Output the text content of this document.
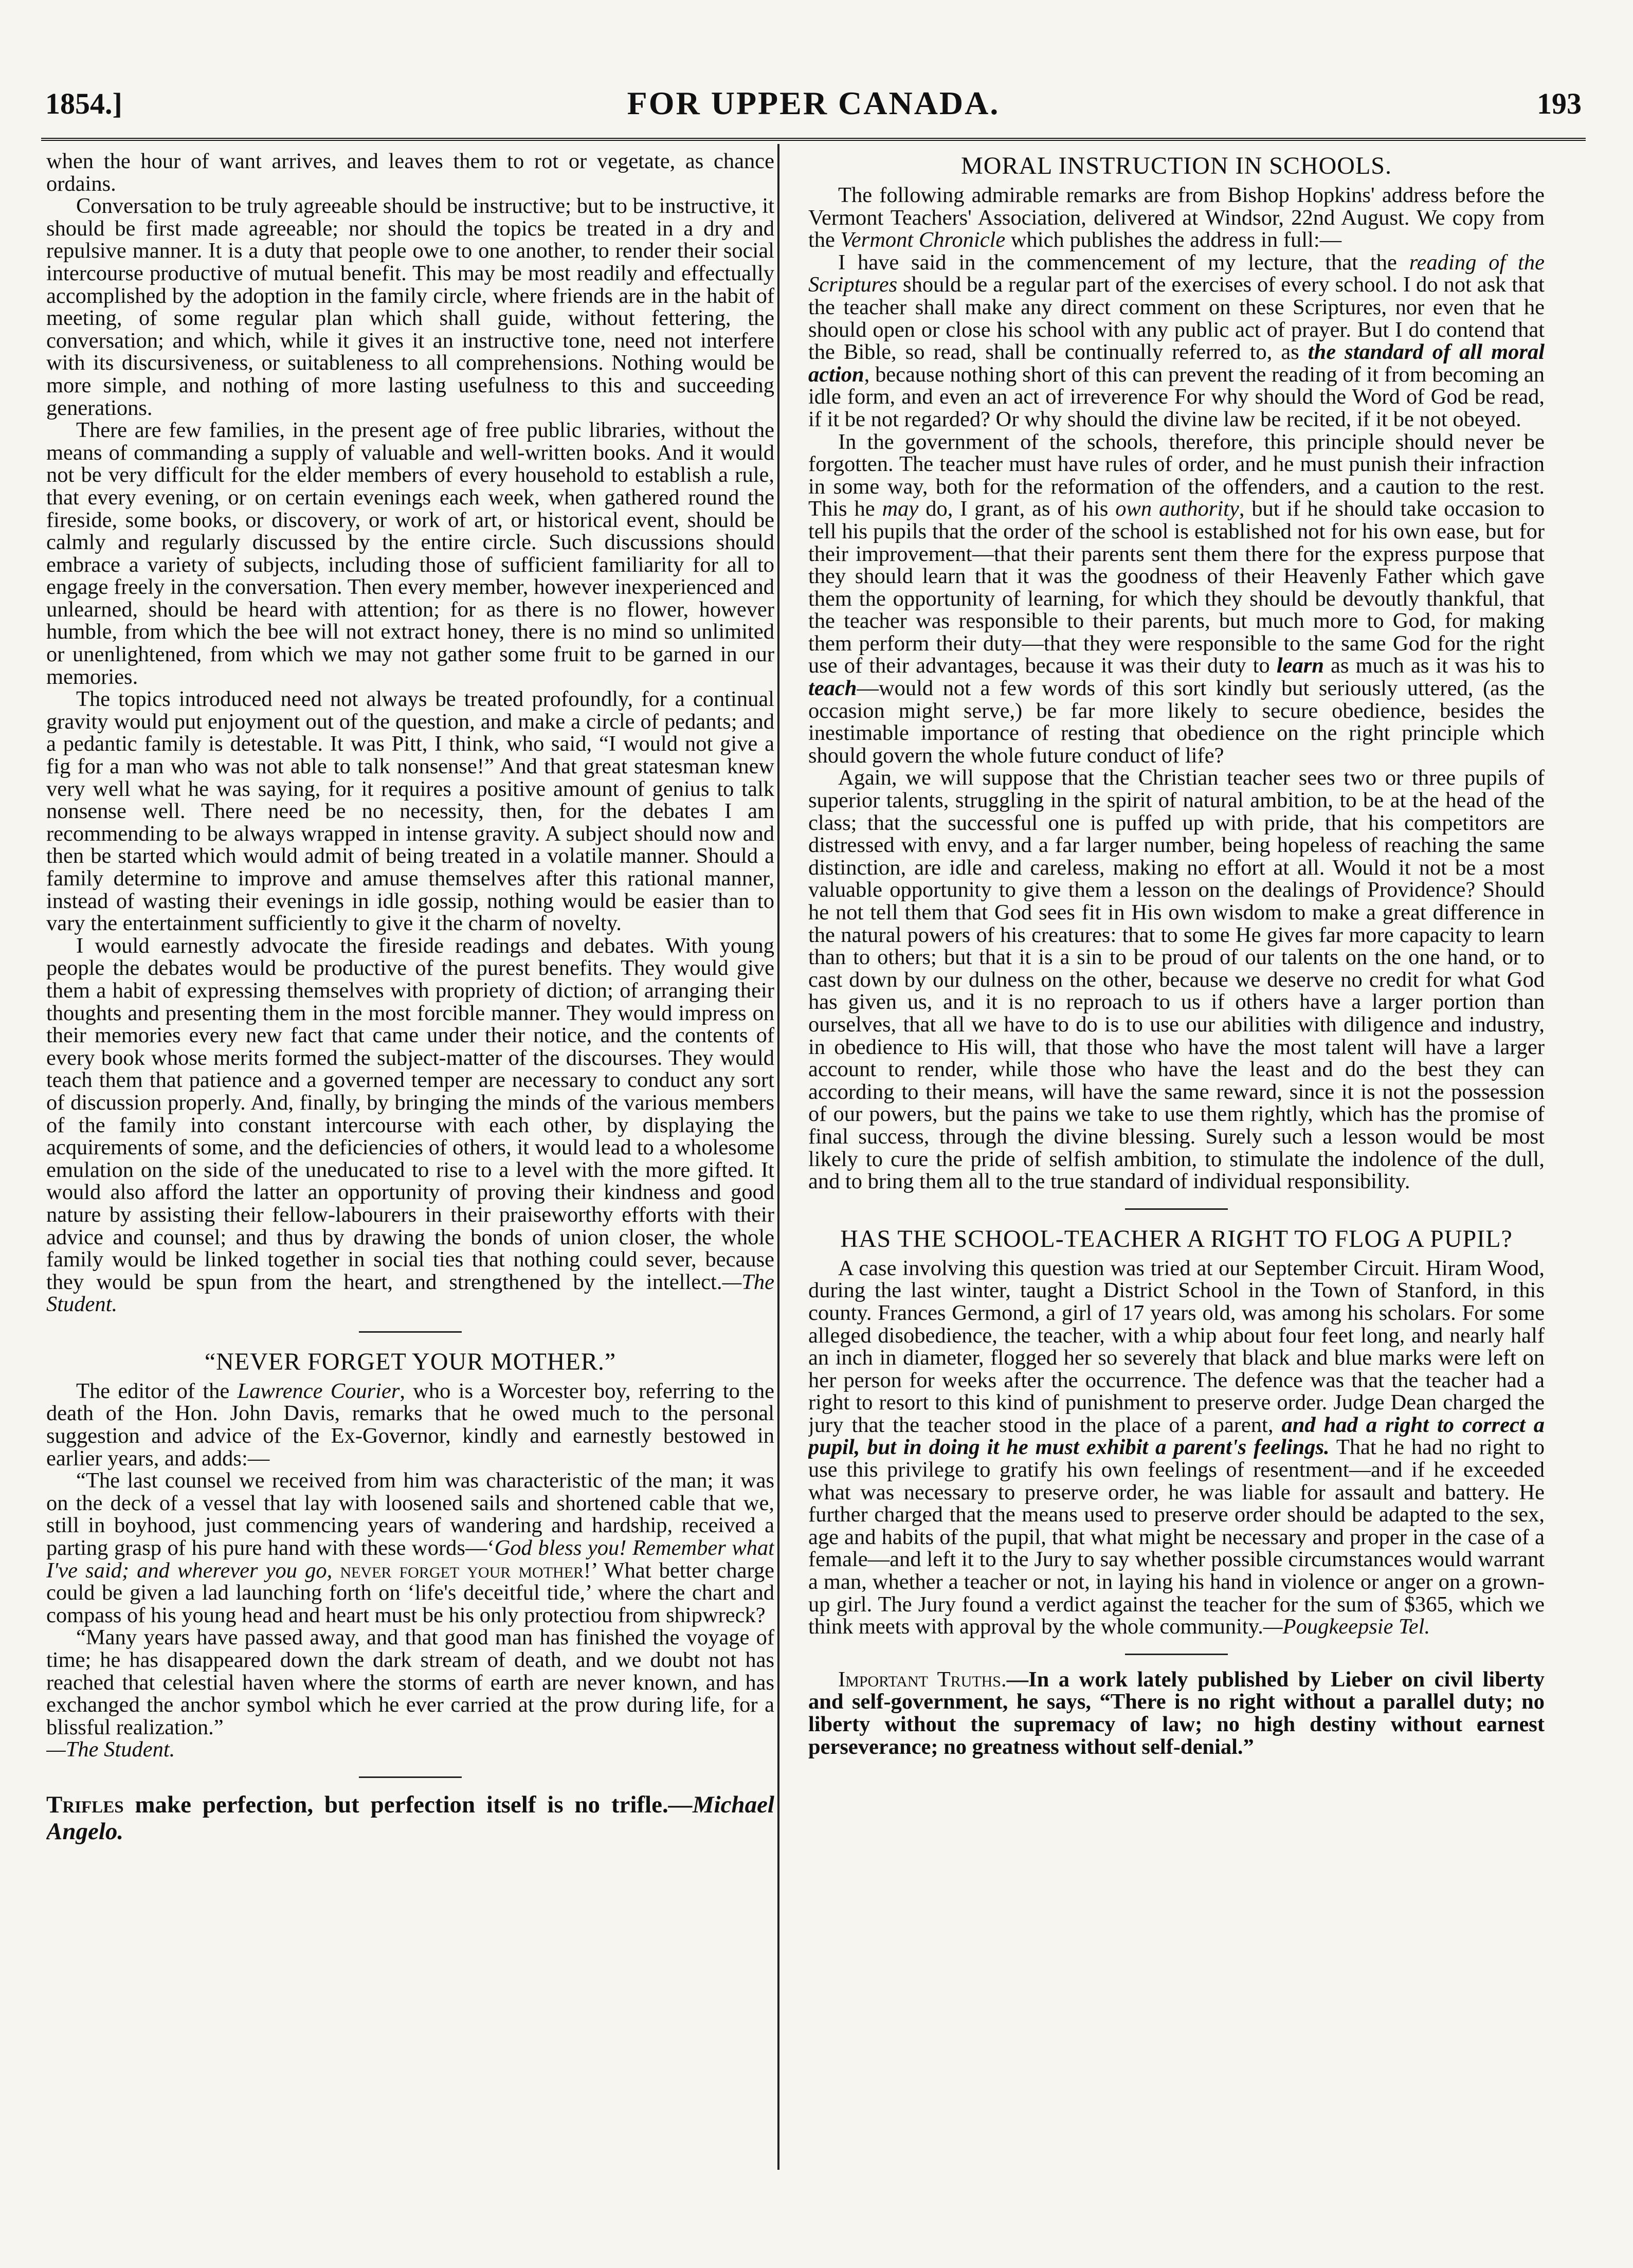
1854.]	FOR UPPER CANADA.	193

when the hour of want arrives, and leaves them to rot or vegetate, as chance ordains.

Conversation to be truly agreeable should be instructive; but to be instructive, it should be first made agreeable; nor should the topics be treated in a dry and repulsive manner. It is a duty that people owe to one another, to render their social intercourse productive of mutual benefit. This may be most readily and effectually accomplished by the adoption in the family circle, where friends are in the habit of meeting, of some regular plan which shall guide, without fettering, the conversation; and which, while it gives it an instructive tone, need not interfere with its discursiveness, or suitableness to all comprehensions. Nothing would be more simple, and nothing of more lasting usefulness to this and succeeding generations.

There are few families, in the present age of free public libraries, without the means of commanding a supply of valuable and well-written books. And it would not be very difficult for the elder members of every household to establish a rule, that every evening, or on certain evenings each week, when gathered round the fireside, some books, or discovery, or work of art, or historical event, should be calmly and regularly discussed by the entire circle. Such discussions should embrace a variety of subjects, including those of sufficient familiarity for all to engage freely in the conversation. Then every member, however inexperienced and unlearned, should be heard with attention; for as there is no flower, however humble, from which the bee will not extract honey, there is no mind so unlimited or unenlightened, from which we may not gather some fruit to be garned in our memories.

The topics introduced need not always be treated profoundly, for a continual gravity would put enjoyment out of the question, and make a circle of pedants; and a pedantic family is detestable. It was Pitt, I think, who said, “I would not give a fig for a man who was not able to talk nonsense!” And that great statesman knew very well what he was saying, for it requires a positive amount of genius to talk nonsense well. There need be no necessity, then, for the debates I am recommending to be always wrapped in intense gravity. A subject should now and then be started which would admit of being treated in a volatile manner. Should a family determine to improve and amuse themselves after this rational manner, instead of wasting their evenings in idle gossip, nothing would be easier than to vary the entertainment sufficiently to give it the charm of novelty.

I would earnestly advocate the fireside readings and debates. With young people the debates would be productive of the purest benefits. They would give them a habit of expressing themselves with propriety of diction; of arranging their thoughts and presenting them in the most forcible manner. They would impress on their memories every new fact that came under their notice, and the contents of every book whose merits formed the subject-matter of the discourses. They would teach them that patience and a governed temper are necessary to conduct any sort of discussion properly. And, finally, by bringing the minds of the various members of the family into constant intercourse with each other, by displaying the acquirements of some, and the deficiencies of others, it would lead to a wholesome emulation on the side of the uneducated to rise to a level with the more gifted. It would also afford the latter an opportunity of proving their kindness and good nature by assisting their fellow-labourers in their praiseworthy efforts with their advice and counsel; and thus by drawing the bonds of union closer, the whole family would be linked together in social ties that nothing could sever, because they would be spun from the heart, and strengthened by the intellect.—The Student.

“NEVER FORGET YOUR MOTHER.”

The editor of the Lawrence Courier, who is a Worcester boy, referring to the death of the Hon. John Davis, remarks that he owed much to the personal suggestion and advice of the Ex-Governor, kindly and earnestly bestowed in earlier years, and adds:—

“The last counsel we received from him was characteristic of the man; it was on the deck of a vessel that lay with loosened sails and shortened cable that we, still in boyhood, just commencing years of wandering and hardship, received a parting grasp of his pure hand with these words—‘God bless you! Remember what I've said; and wherever you go, never forget your mother!’ What better charge could be given a lad launching forth on ‘life's deceitful tide,’ where the chart and compass of his young head and heart must be his only protectiou from shipwreck?

“Many years have passed away, and that good man has finished the voyage of time; he has disappeared down the dark stream of death, and we doubt not has reached that celestial haven where the storms of earth are never known, and has exchanged the anchor symbol which he ever carried at the prow during life, for a blissful realization.”

—The Student.

Trifles make perfection, but perfection itself is no trifle.—Michael Angelo.

MORAL INSTRUCTION IN SCHOOLS.

The following admirable remarks are from Bishop Hopkins' address before the Vermont Teachers' Association, delivered at Windsor, 22nd August. We copy from the Vermont Chronicle which publishes the address in full:—

I have said in the commencement of my lecture, that the reading of the Scriptures should be a regular part of the exercises of every school. I do not ask that the teacher shall make any direct comment on these Scriptures, nor even that he should open or close his school with any public act of prayer. But I do contend that the Bible, so read, shall be continually referred to, as the standard of all moral action, because nothing short of this can prevent the reading of it from becoming an idle form, and even an act of irreverence For why should the Word of God be read, if it be not regarded? Or why should the divine law be recited, if it be not obeyed.

In the government of the schools, therefore, this principle should never be forgotten. The teacher must have rules of order, and he must punish their infraction in some way, both for the reformation of the offenders, and a caution to the rest. This he may do, I grant, as of his own authority, but if he should take occasion to tell his pupils that the order of the school is established not for his own ease, but for their improvement—that their parents sent them there for the express purpose that they should learn that it was the goodness of their Heavenly Father which gave them the opportunity of learning, for which they should be devoutly thankful, that the teacher was responsible to their parents, but much more to God, for making them perform their duty—that they were responsible to the same God for the right use of their advantages, because it was their duty to learn as much as it was his to teach—would not a few words of this sort kindly but seriously uttered, (as the occasion might serve,) be far more likely to secure obedience, besides the inestimable importance of resting that obedience on the right principle which should govern the whole future conduct of life?

Again, we will suppose that the Christian teacher sees two or three pupils of superior talents, struggling in the spirit of natural ambition, to be at the head of the class; that the successful one is puffed up with pride, that his competitors are distressed with envy, and a far larger number, being hopeless of reaching the same distinction, are idle and careless, making no effort at all. Would it not be a most valuable opportunity to give them a lesson on the dealings of Providence? Should he not tell them that God sees fit in His own wisdom to make a great difference in the natural powers of his creatures: that to some He gives far more capacity to learn than to others; but that it is a sin to be proud of our talents on the one hand, or to cast down by our dulness on the other, because we deserve no credit for what God has given us, and it is no reproach to us if others have a larger portion than ourselves, that all we have to do is to use our abilities with diligence and industry, in obedience to His will, that those who have the most talent will have a larger account to render, while those who have the least and do the best they can according to their means, will have the same reward, since it is not the possession of our powers, but the pains we take to use them rightly, which has the promise of final success, through the divine blessing. Surely such a lesson would be most likely to cure the pride of selfish ambition, to stimulate the indolence of the dull, and to bring them all to the true standard of individual responsibility.

HAS THE SCHOOL-TEACHER A RIGHT TO FLOG A PUPIL?

A case involving this question was tried at our September Circuit. Hiram Wood, during the last winter, taught a District School in the Town of Stanford, in this county. Frances Germond, a girl of 17 years old, was among his scholars. For some alleged disobedience, the teacher, with a whip about four feet long, and nearly half an inch in diameter, flogged her so severely that black and blue marks were left on her person for weeks after the occurrence. The defence was that the teacher had a right to resort to this kind of punishment to preserve order. Judge Dean charged the jury that the teacher stood in the place of a parent, and had a right to correct a pupil, but in doing it he must exhibit a parent's feelings. That he had no right to use this privilege to gratify his own feelings of resentment—and if he exceeded what was necessary to preserve order, he was liable for assault and battery. He further charged that the means used to preserve order should be adapted to the sex, age and habits of the pupil, that what might be necessary and proper in the case of a female—and left it to the Jury to say whether possible circumstances would warrant a man, whether a teacher or not, in laying his hand in violence or anger on a grown-up girl. The Jury found a verdict against the teacher for the sum of $365, which we think meets with approval by the whole community.—Pougkeepsie Tel.

Important Truths.—In a work lately published by Lieber on civil liberty and self-government, he says, “There is no right without a parallel duty; no liberty without the supremacy of law; no high destiny without earnest perseverance; no greatness without self-denial.”
